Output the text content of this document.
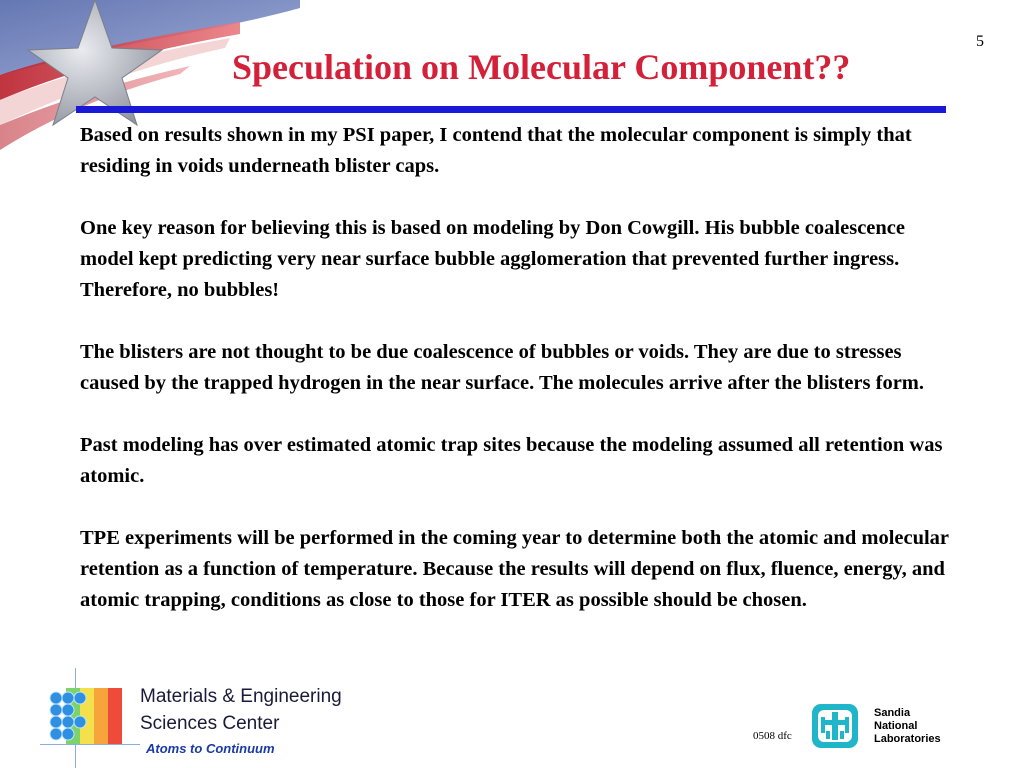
5
Speculation on Molecular Component??

Based on results shown in my PSI paper, I contend that the molecular component is simply that residing in voids underneath blister caps.

One key reason for believing this is based on modeling by Don Cowgill. His bubble coalescence model kept predicting very near surface bubble agglomeration that prevented further ingress. Therefore, no bubbles!

The blisters are not thought to be due coalescence of bubbles or voids. They are due to stresses caused by the trapped hydrogen in the near surface. The molecules arrive after the blisters form.

Past modeling has over estimated atomic trap sites because the modeling assumed all retention was atomic.

TPE experiments will be performed in the coming year to determine both the atomic and molecular retention as a function of temperature. Because the results will depend on flux, fluence, energy, and atomic trapping, conditions as close to those for ITER as possible should be chosen.

Materials & Engineering
Sciences Center
Atoms to Continuum
0508 dfc
Sandia
National
Laboratories
